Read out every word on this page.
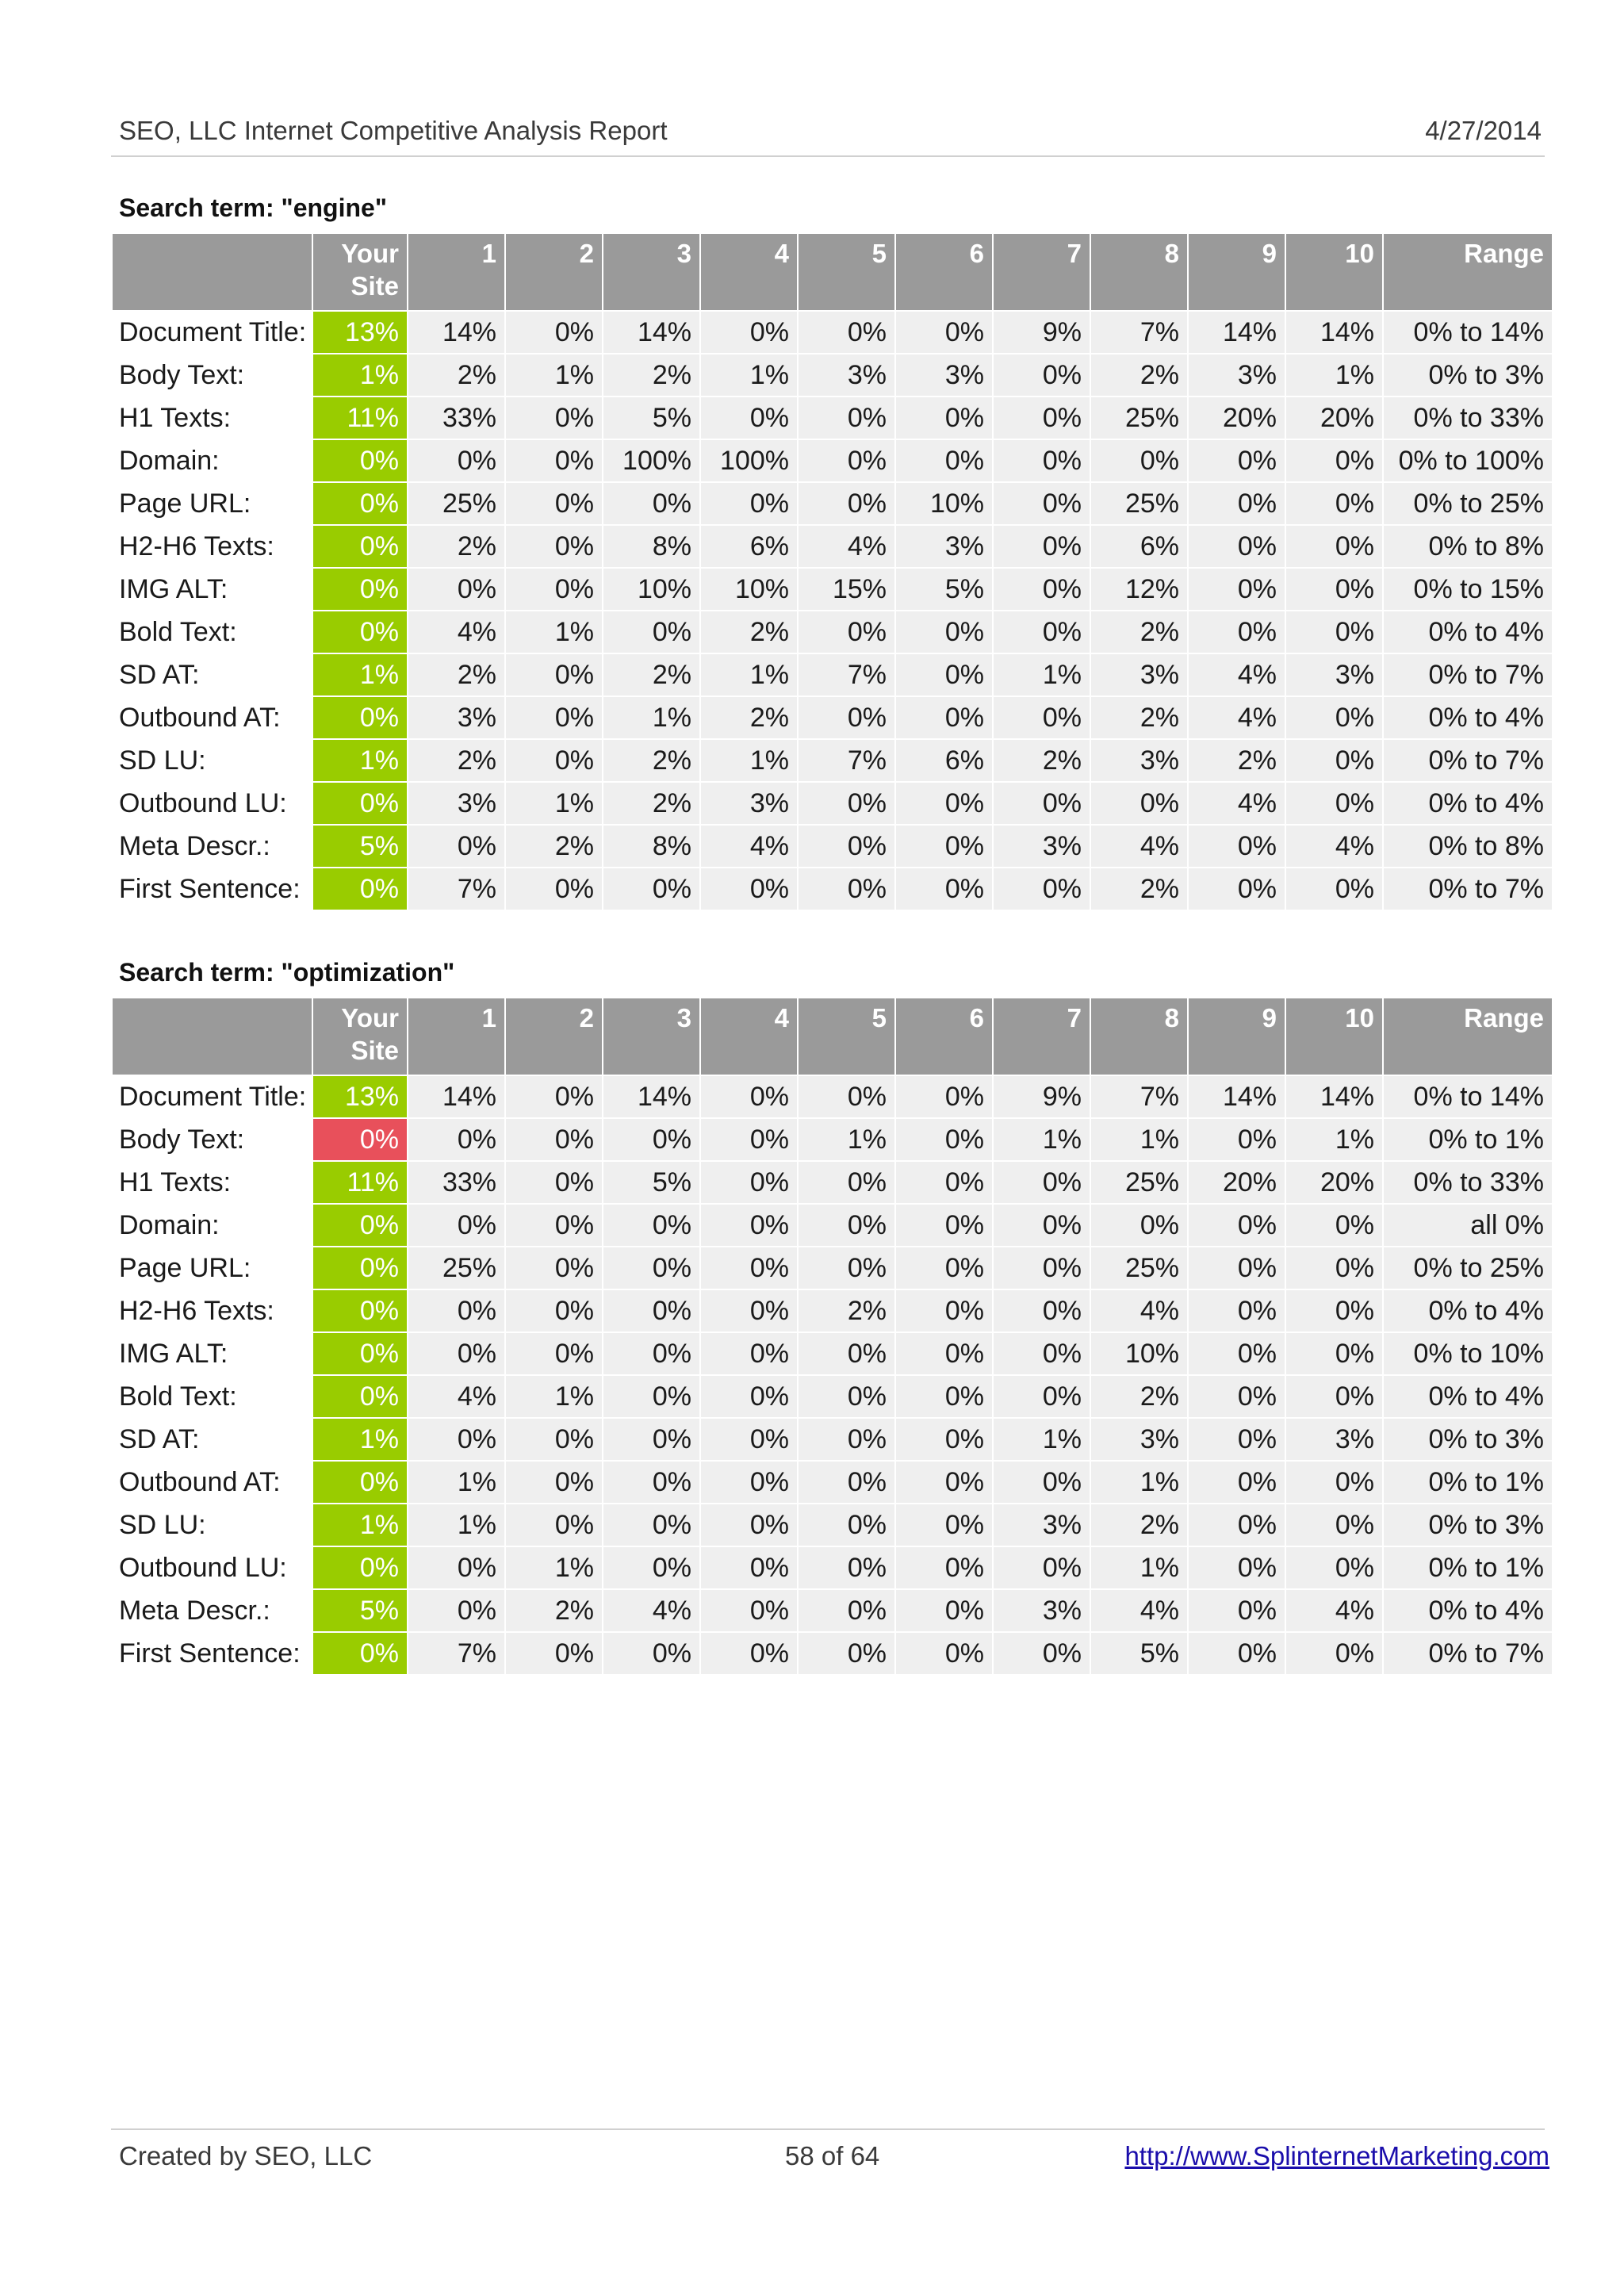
SEO, LLC Internet Competitive Analysis Report	4/27/2014
Search term: "engine"
	Your Site	1	2	3	4	5	6	7	8	9	10	Range
Document Title:	13%	14%	0%	14%	0%	0%	0%	9%	7%	14%	14%	0% to 14%
Body Text:	1%	2%	1%	2%	1%	3%	3%	0%	2%	3%	1%	0% to 3%
H1 Texts:	11%	33%	0%	5%	0%	0%	0%	0%	25%	20%	20%	0% to 33%
Domain:	0%	0%	0%	100%	100%	0%	0%	0%	0%	0%	0%	0% to 100%
Page URL:	0%	25%	0%	0%	0%	0%	10%	0%	25%	0%	0%	0% to 25%
H2-H6 Texts:	0%	2%	0%	8%	6%	4%	3%	0%	6%	0%	0%	0% to 8%
IMG ALT:	0%	0%	0%	10%	10%	15%	5%	0%	12%	0%	0%	0% to 15%
Bold Text:	0%	4%	1%	0%	2%	0%	0%	0%	2%	0%	0%	0% to 4%
SD AT:	1%	2%	0%	2%	1%	7%	0%	1%	3%	4%	3%	0% to 7%
Outbound AT:	0%	3%	0%	1%	2%	0%	0%	0%	2%	4%	0%	0% to 4%
SD LU:	1%	2%	0%	2%	1%	7%	6%	2%	3%	2%	0%	0% to 7%
Outbound LU:	0%	3%	1%	2%	3%	0%	0%	0%	0%	4%	0%	0% to 4%
Meta Descr.:	5%	0%	2%	8%	4%	0%	0%	3%	4%	0%	4%	0% to 8%
First Sentence:	0%	7%	0%	0%	0%	0%	0%	0%	2%	0%	0%	0% to 7%
Search term: "optimization"
	Your Site	1	2	3	4	5	6	7	8	9	10	Range
Document Title:	13%	14%	0%	14%	0%	0%	0%	9%	7%	14%	14%	0% to 14%
Body Text:	0%	0%	0%	0%	0%	1%	0%	1%	1%	0%	1%	0% to 1%
H1 Texts:	11%	33%	0%	5%	0%	0%	0%	0%	25%	20%	20%	0% to 33%
Domain:	0%	0%	0%	0%	0%	0%	0%	0%	0%	0%	0%	all 0%
Page URL:	0%	25%	0%	0%	0%	0%	0%	0%	25%	0%	0%	0% to 25%
H2-H6 Texts:	0%	0%	0%	0%	0%	2%	0%	0%	4%	0%	0%	0% to 4%
IMG ALT:	0%	0%	0%	0%	0%	0%	0%	0%	10%	0%	0%	0% to 10%
Bold Text:	0%	4%	1%	0%	0%	0%	0%	0%	2%	0%	0%	0% to 4%
SD AT:	1%	0%	0%	0%	0%	0%	0%	1%	3%	0%	3%	0% to 3%
Outbound AT:	0%	1%	0%	0%	0%	0%	0%	0%	1%	0%	0%	0% to 1%
SD LU:	1%	1%	0%	0%	0%	0%	0%	3%	2%	0%	0%	0% to 3%
Outbound LU:	0%	0%	1%	0%	0%	0%	0%	0%	1%	0%	0%	0% to 1%
Meta Descr.:	5%	0%	2%	4%	0%	0%	0%	3%	4%	0%	4%	0% to 4%
First Sentence:	0%	7%	0%	0%	0%	0%	0%	0%	5%	0%	0%	0% to 7%
Created by SEO, LLC	58 of 64	http://www.SplinternetMarketing.com
